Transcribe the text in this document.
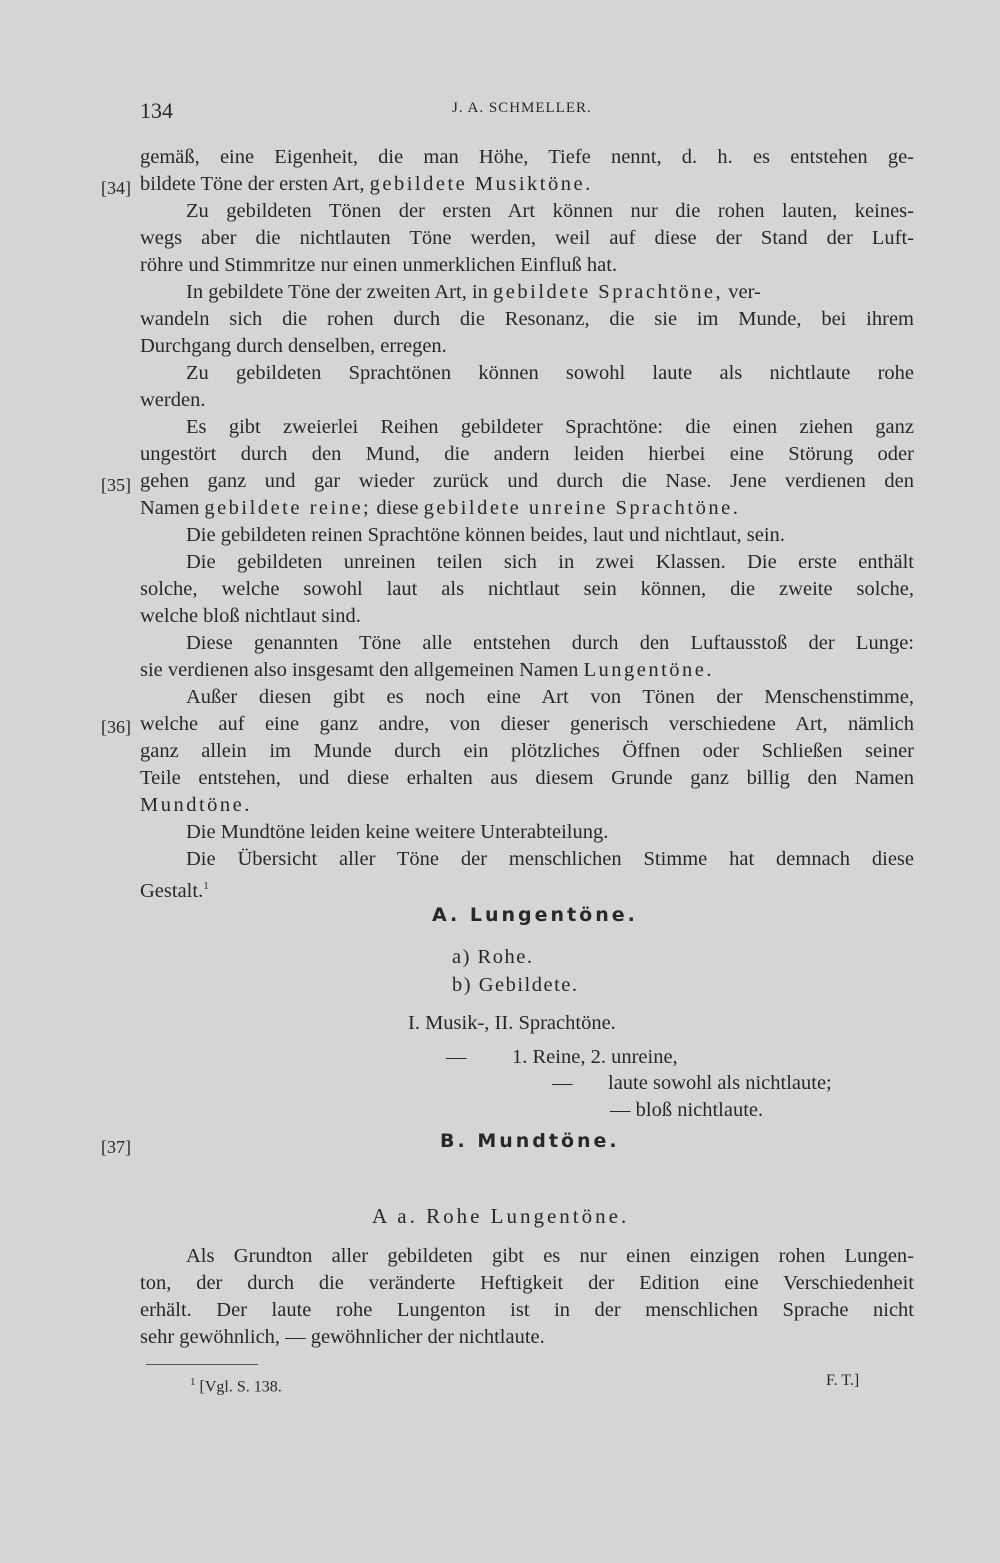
134	J. A. SCHMELLER.
[34]
[35]
[36]
[37]
gemäß, eine Eigenheit, die man Höhe, Tiefe nennt, d. h. es entstehen ge-
bildete Töne der ersten Art, gebildete Musiktöne.
Zu gebildeten Tönen der ersten Art können nur die rohen lauten, keines-
wegs aber die nichtlauten Töne werden, weil auf diese der Stand der Luft-
röhre und Stimmritze nur einen unmerklichen Einfluß hat.
In gebildete Töne der zweiten Art, in gebildete Sprachtöne, ver-
wandeln sich die rohen durch die Resonanz, die sie im Munde, bei ihrem
Durchgang durch denselben, erregen.
Zu gebildeten Sprachtönen können sowohl laute als nichtlaute rohe
werden.
Es gibt zweierlei Reihen gebildeter Sprachtöne: die einen ziehen ganz
ungestört durch den Mund, die andern leiden hierbei eine Störung oder
gehen ganz und gar wieder zurück und durch die Nase. Jene verdienen den
Namen gebildete reine; diese gebildete unreine Sprachtöne.
Die gebildeten reinen Sprachtöne können beides, laut und nichtlaut, sein.
Die gebildeten unreinen teilen sich in zwei Klassen. Die erste enthält
solche, welche sowohl laut als nichtlaut sein können, die zweite solche,
welche bloß nichtlaut sind.
Diese genannten Töne alle entstehen durch den Luftausstoß der Lunge:
sie verdienen also insgesamt den allgemeinen Namen Lungentöne.
Außer diesen gibt es noch eine Art von Tönen der Menschenstimme,
welche auf eine ganz andre, von dieser generisch verschiedene Art, nämlich
ganz allein im Munde durch ein plötzliches Öffnen oder Schließen seiner
Teile entstehen, und diese erhalten aus diesem Grunde ganz billig den Namen
Mundtöne.
Die Mundtöne leiden keine weitere Unterabteilung.
Die Übersicht aller Töne der menschlichen Stimme hat demnach diese
Gestalt.$^1$
A. Lungentöne.
a) Rohe.
b) Gebildete.
I. Musik-, II. Sprachtöne.
— 1. Reine, 2. unreine,
— laute sowohl als nichtlaute;
— bloß nichtlaute.
B. Mundtöne.
A a. Rohe Lungentöne.
Als Grundton aller gebildeten gibt es nur einen einzigen rohen Lungen-
ton, der durch die veränderte Heftigkeit der Edition eine Verschiedenheit
erhält. Der laute rohe Lungenton ist in der menschlichen Sprache nicht
sehr gewöhnlich, — gewöhnlicher der nichtlaute.
$^1$ [Vgl. S. 138.	F. T.]
